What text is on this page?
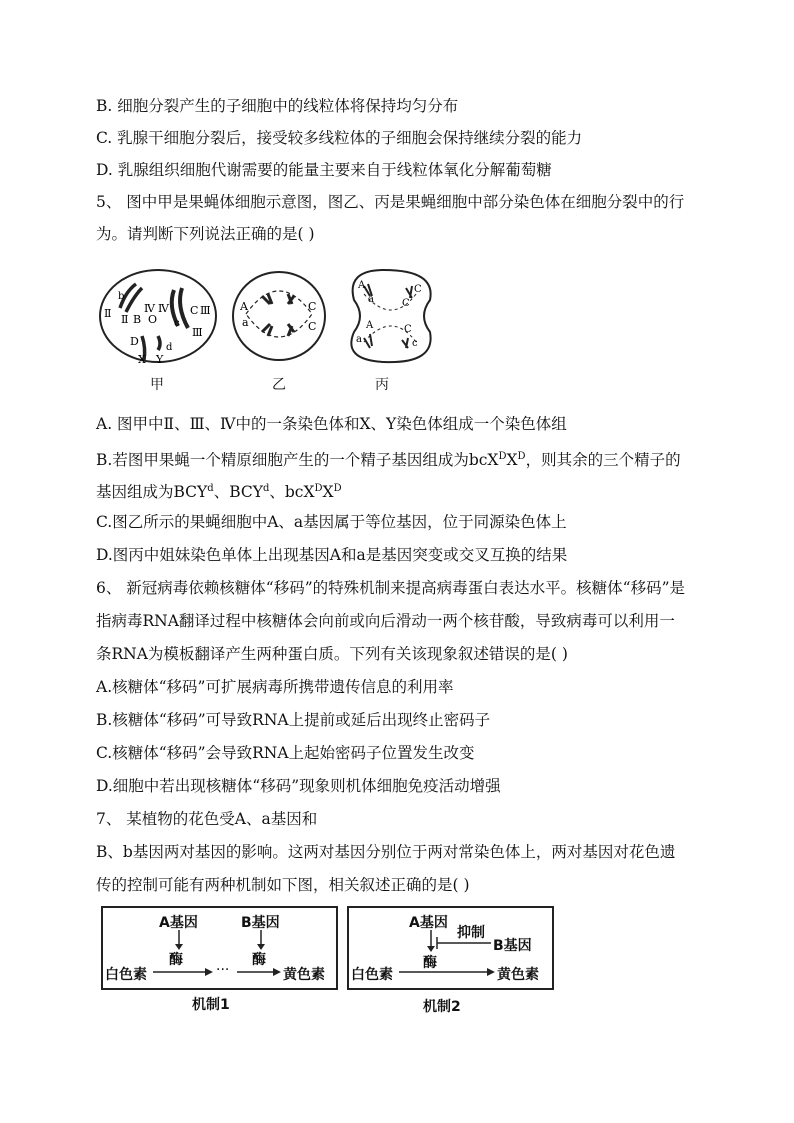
B. 细胞分裂产生的子细胞中的线粒体将保持均匀分布
C. 乳腺干细胞分裂后，接受较多线粒体的子细胞会保持继续分裂的能力
D. 乳腺组织细胞代谢需要的能量主要来自于线粒体氧化分解葡萄糖
5、 图中甲是果蝇体细胞示意图，图乙、丙是果蝇细胞中部分染色体在细胞分裂中的行
为。请判断下列说法正确的是( )
b
Ⅱ Ⅱ B
Ⅳ Ⅳ
O
C Ⅲ
c
Ⅲ
D	d
X Y
A
a
C
C
A
a
C
C
A
a
C
c
甲	乙	丙
A. 图甲中Ⅱ、Ⅲ、Ⅳ中的一条染色体和X、Y染色体组成一个染色体组
B.若图甲果蝇一个精原细胞产生的一个精子基因组成为$bcX^DX^D$，则其余的三个精子的
基因组成为BCY$^d$、BCY$^d$、$bcX^DX^D$
C.图乙所示的果蝇细胞中A、a基因属于等位基因，位于同源染色体上
D.图丙中姐妹染色单体上出现基因A和a是基因突变或交叉互换的结果
6、 新冠病毒依赖核糖体“移码”的特殊机制来提高病毒蛋白表达水平。核糖体“移码”是
指病毒RNA翻译过程中核糖体会向前或向后滑动一两个核苷酸，导致病毒可以利用一
条RNA为模板翻译产生两种蛋白质。下列有关该现象叙述错误的是( )
A.核糖体“移码”可扩展病毒所携带遗传信息的利用率
B.核糖体“移码”可导致RNA上提前或延后出现终止密码子
C.核糖体“移码”会导致RNA上起始密码子位置发生改变
D.细胞中若出现核糖体“移码”现象则机体细胞免疫活动增强
7、 某植物的花色受A、a基因和
B、b基因两对基因的影响。这两对基因分别位于两对常染色体上，两对基因对花色遗
传的控制可能有两种机制如下图，相关叙述正确的是( )
A基因	B基因
酶	酶
白色素	···	黄色素
机制1
A基因
抑制
B基因
酶
白色素	黄色素
机制2
